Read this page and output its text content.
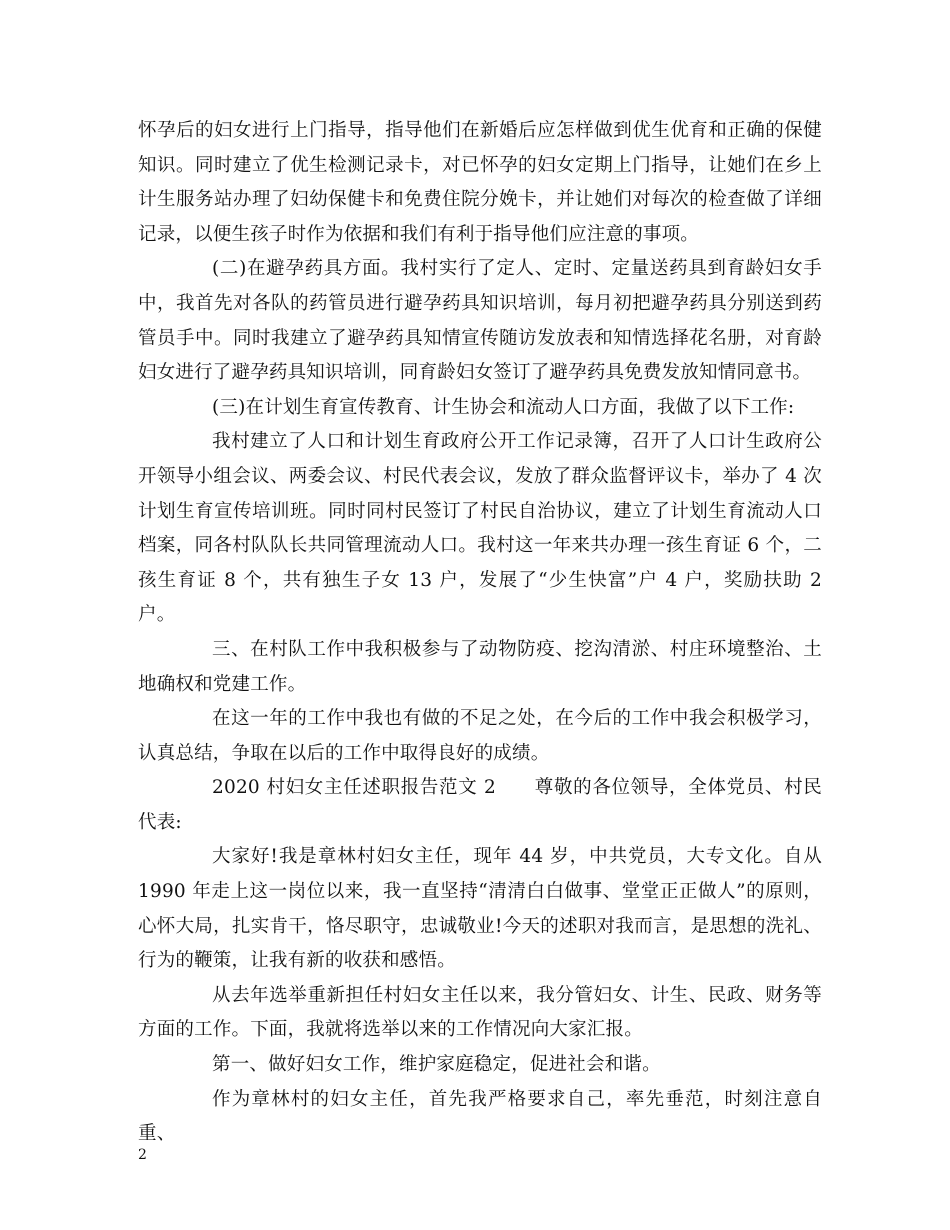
怀孕后的妇女进行上门指导，指导他们在新婚后应怎样做到优生优育和正确的保健知识。同时建立了优生检测记录卡，对已怀孕的妇女定期上门指导，让她们在乡上计生服务站办理了妇幼保健卡和免费住院分娩卡，并让她们对每次的检查做了详细记录，以便生孩子时作为依据和我们有利于指导他们应注意的事项。

(二)在避孕药具方面。我村实行了定人、定时、定量送药具到育龄妇女手中，我首先对各队的药管员进行避孕药具知识培训，每月初把避孕药具分别送到药管员手中。同时我建立了避孕药具知情宣传随访发放表和知情选择花名册，对育龄妇女进行了避孕药具知识培训，同育龄妇女签订了避孕药具免费发放知情同意书。

(三)在计划生育宣传教育、计生协会和流动人口方面，我做了以下工作:

我村建立了人口和计划生育政府公开工作记录簿，召开了人口计生政府公开领导小组会议、两委会议、村民代表会议，发放了群众监督评议卡，举办了 4 次计划生育宣传培训班。同时同村民签订了村民自治协议，建立了计划生育流动人口档案，同各村队队长共同管理流动人口。我村这一年来共办理一孩生育证 6 个，二孩生育证 8 个，共有独生子女 13 户，发展了“少生快富”户 4 户，奖励扶助 2 户。

三、在村队工作中我积极参与了动物防疫、挖沟清淤、村庄环境整治、土地确权和党建工作。

在这一年的工作中我也有做的不足之处，在今后的工作中我会积极学习，认真总结，争取在以后的工作中取得良好的成绩。

2020 村妇女主任述职报告范文 2　　尊敬的各位领导，全体党员、村民代表:

大家好!我是章林村妇女主任，现年 44 岁，中共党员，大专文化。自从 1990 年走上这一岗位以来，我一直坚持“清清白白做事、堂堂正正做人”的原则，心怀大局，扎实肯干，恪尽职守，忠诚敬业!今天的述职对我而言，是思想的洗礼、行为的鞭策，让我有新的收获和感悟。

从去年选举重新担任村妇女主任以来，我分管妇女、计生、民政、财务等方面的工作。下面，我就将选举以来的工作情况向大家汇报。

第一、做好妇女工作，维护家庭稳定，促进社会和谐。

作为章林村的妇女主任，首先我严格要求自己，率先垂范，时刻注意自重、

2
